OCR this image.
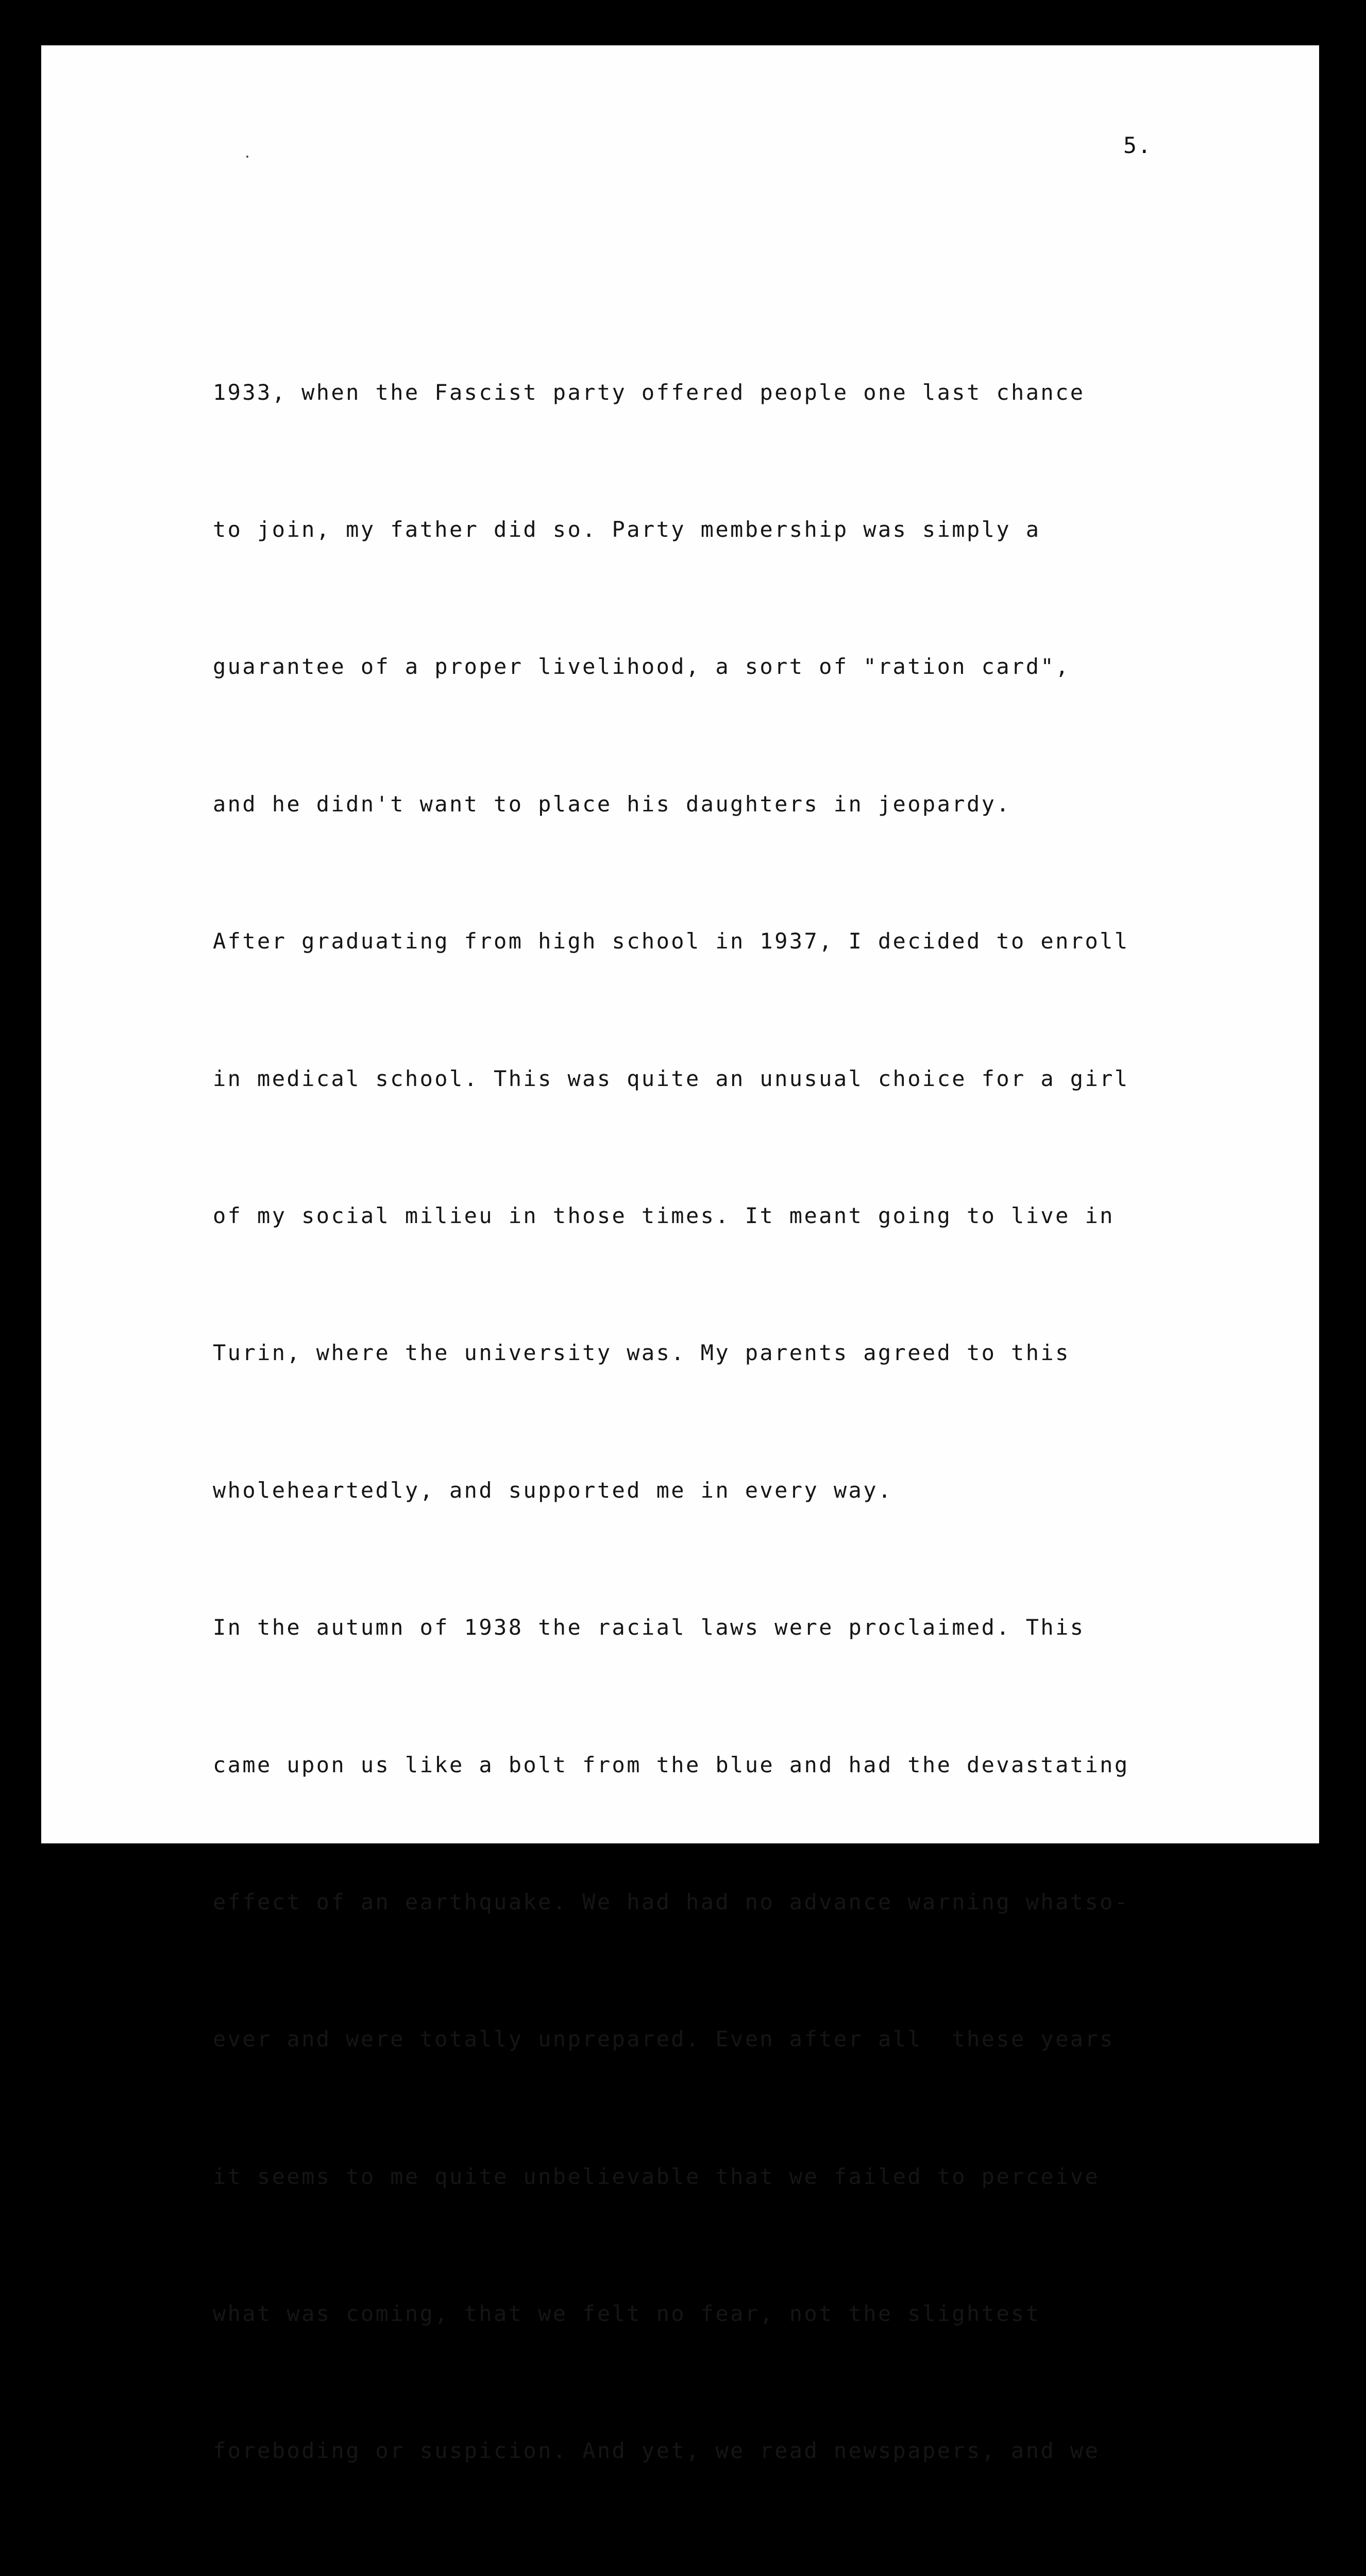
5.

1933, when the Fascist party offered people one last chance

to join, my father did so. Party membership was simply a

guarantee of a proper livelihood, a sort of "ration card",

and he didn't want to place his daughters in jeopardy.

After graduating from high school in 1937, I decided to enroll

in medical school. This was quite an unusual choice for a girl

of my social milieu in those times. It meant going to live in

Turin, where the university was. My parents agreed to this

wholeheartedly, and supported me in every way.

In the autumn of 1938 the racial laws were proclaimed. This

came upon us like a bolt from the blue and had the devastating

effect of an earthquake. We had had no advance warning whatso-

ever and were totally unprepared. Even after all  these years

it seems to me quite unbelievable that we failed to perceive

what was coming, that we felt no fear, not the slightest

foreboding or suspicion. And yet, we read newspapers, and we
